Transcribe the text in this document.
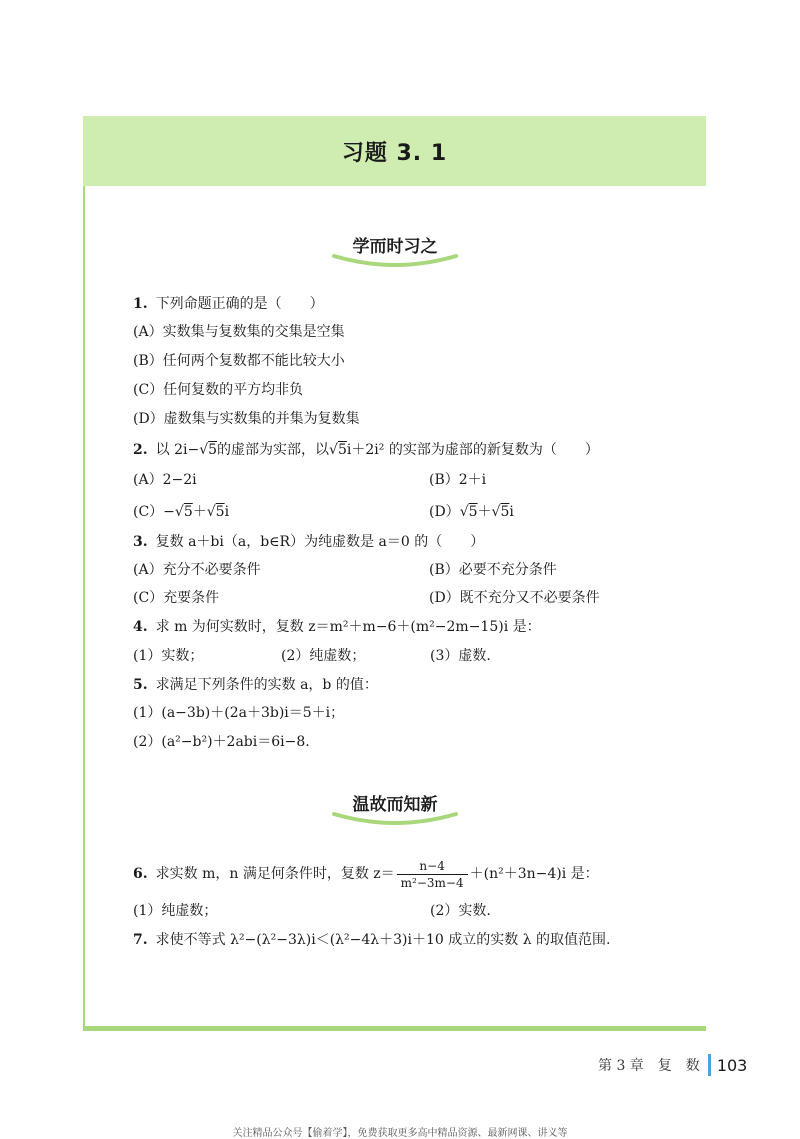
习题 3. 1
学而时习之
温故而知新
1. 下列命题正确的是（　　）
(A）实数集与复数集的交集是空集
(B）任何两个复数都不能比较大小
(C）任何复数的平方均非负
(D）虚数集与实数集的并集为复数集
2. 以 2i−√5的虚部为实部，以√5i＋2i² 的实部为虚部的新复数为（　　）
(A）2−2i	(B）2＋i
(C）−√5＋√5i	(D）√5＋√5i
3. 复数 a＋bi（a，b∈R）为纯虚数是 a＝0 的（　　）
(A）充分不必要条件	(B）必要不充分条件
(C）充要条件	(D）既不充分又不必要条件
4. 求 m 为何实数时，复数 z＝m²＋m−6＋(m²−2m−15)i 是：
(1）实数；	(2）纯虚数；	(3）虚数.
5. 求满足下列条件的实数 a，b 的值：
(1）(a−3b)＋(2a＋3b)i＝5＋i；
(2）(a²−b²)＋2abi＝6i−8.
6. 求实数 m，n 满足何条件时，复数 $z= \frac{n-4}{\text{m²−3m−4}} +(n^2+3n-4)i$ 是：
(1）纯虚数；	(2）实数.
7. 求使不等式 λ²−(λ²−3λ)i＜(λ²−4λ＋3)i＋10 成立的实数 λ 的取值范围.
第 3 章　复　数 103
关注精品公众号【偷着学】，免费获取更多高中精品资源、最新网课、讲义等
